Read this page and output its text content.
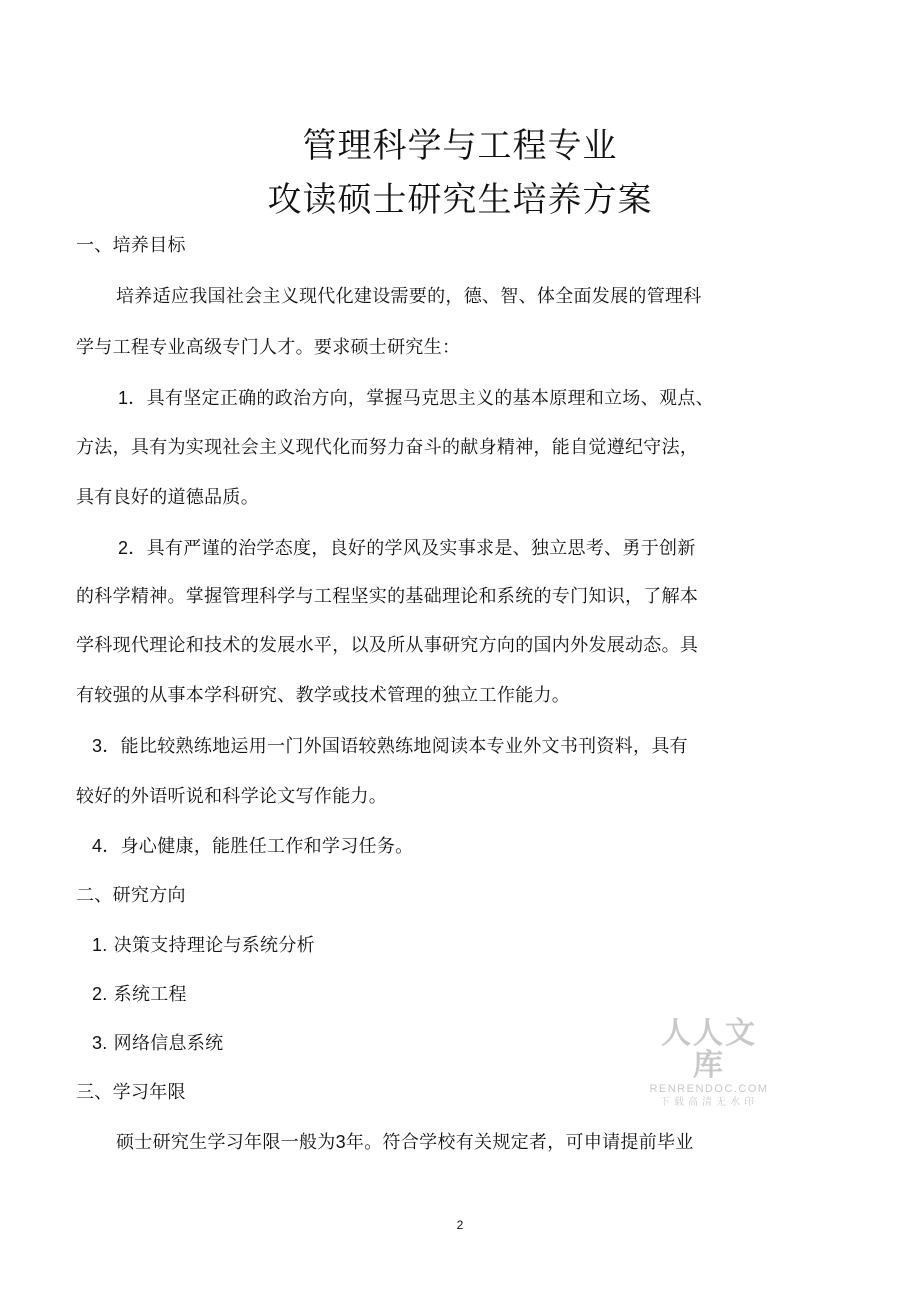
管理科学与工程专业
攻读硕士研究生培养方案
一、培养目标
培养适应我国社会主义现代化建设需要的，德、智、体全面发展的管理科
学与工程专业高级专门人才。要求硕士研究生：
1．具有坚定正确的政治方向，掌握马克思主义的基本原理和立场、观点、
方法，具有为实现社会主义现代化而努力奋斗的献身精神，能自觉遵纪守法，
具有良好的道德品质。
2．具有严谨的治学态度，良好的学风及实事求是、独立思考、勇于创新
的科学精神。掌握管理科学与工程坚实的基础理论和系统的专门知识，了解本
学科现代理论和技术的发展水平，以及所从事研究方向的国内外发展动态。具
有较强的从事本学科研究、教学或技术管理的独立工作能力。
3．能比较熟练地运用一门外国语较熟练地阅读本专业外文书刊资料，具有
较好的外语听说和科学论文写作能力。
4．身心健康，能胜任工作和学习任务。
二、研究方向
1. 决策支持理论与系统分析
2. 系统工程
3. 网络信息系统
三、学习年限
硕士研究生学习年限一般为3年。符合学校有关规定者，可申请提前毕业
人人文库
RENRENDOC.COM
下载高清无水印
2
